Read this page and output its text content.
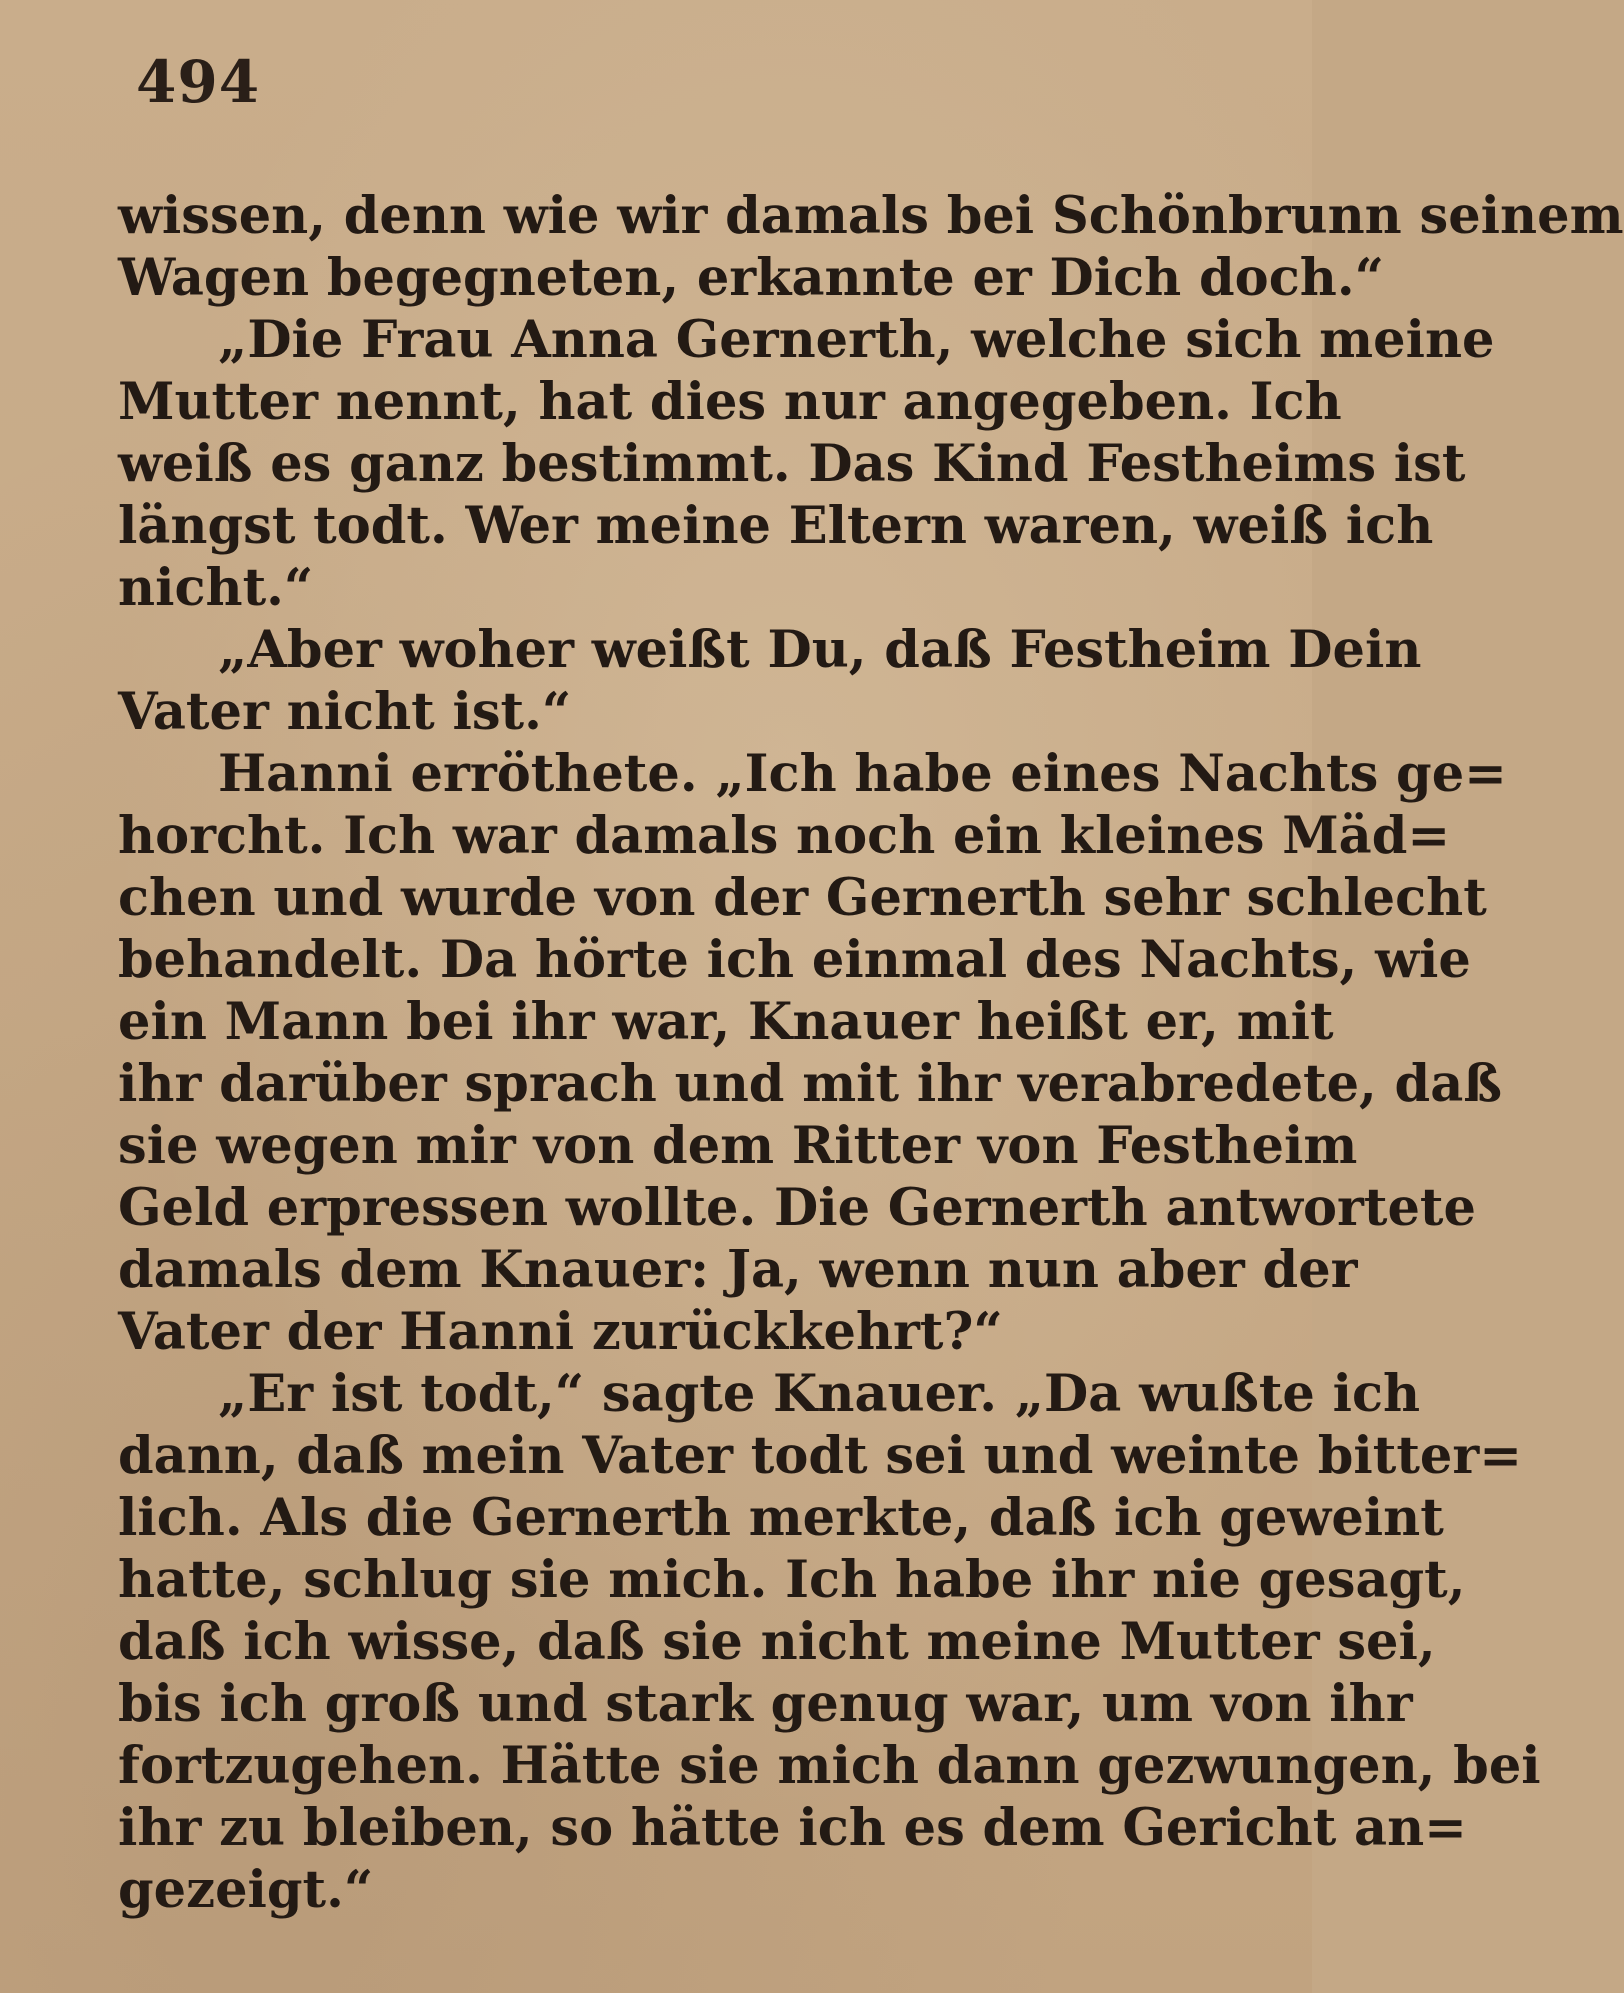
494
wissen, denn wie wir damals bei Schönbrunn seinem
Wagen begegneten, erkannte er Dich doch.“
„Die Frau Anna Gernerth, welche sich meine
Mutter nennt, hat dies nur angegeben. Ich
weiß es ganz bestimmt. Das Kind Festheims ist
längst todt. Wer meine Eltern waren, weiß ich
nicht.“
„Aber woher weißt Du, daß Festheim Dein
Vater nicht ist.“
Hanni erröthete. „Ich habe eines Nachts ge=
horcht. Ich war damals noch ein kleines Mäd=
chen und wurde von der Gernerth sehr schlecht
behandelt. Da hörte ich einmal des Nachts, wie
ein Mann bei ihr war, Knauer heißt er, mit
ihr darüber sprach und mit ihr verabredete, daß
sie wegen mir von dem Ritter von Festheim
Geld erpressen wollte. Die Gernerth antwortete
damals dem Knauer: Ja, wenn nun aber der
Vater der Hanni zurückkehrt?“
„Er ist todt,“ sagte Knauer. „Da wußte ich
dann, daß mein Vater todt sei und weinte bitter=
lich. Als die Gernerth merkte, daß ich geweint
hatte, schlug sie mich. Ich habe ihr nie gesagt,
daß ich wisse, daß sie nicht meine Mutter sei,
bis ich groß und stark genug war, um von ihr
fortzugehen. Hätte sie mich dann gezwungen, bei
ihr zu bleiben, so hätte ich es dem Gericht an=
gezeigt.“
